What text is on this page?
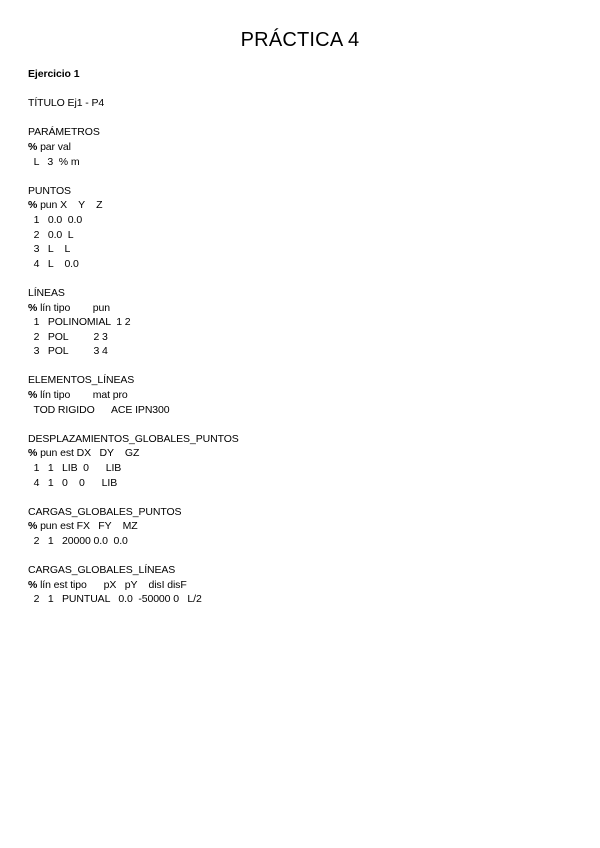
PRÁCTICA 4
Ejercicio 1
TÍTULO Ej1 - P4
PARÁMETROS
% par val
L   3  % m
PUNTOS
% pun X    Y    Z
1   0.0  0.0
2   0.0  L
3   L    L
4   L    0.0
LÍNEAS
% lín tipo        pun
1   POLINOMIAL  1 2
2   POL         2 3
3   POL         3 4
ELEMENTOS_LÍNEAS
% lín tipo        mat pro
TOD RIGIDO      ACE IPN300
DESPLAZAMIENTOS_GLOBALES_PUNTOS
% pun est DX   DY    GZ
1   1   LIB  0      LIB
4   1   0    0      LIB
CARGAS_GLOBALES_PUNTOS
% pun est FX   FY    MZ
2   1   20000 0.0  0.0
CARGAS_GLOBALES_LÍNEAS
% lín est tipo      pX   pY    disI disF
2   1   PUNTUAL   0.0  -50000 0   L/2
